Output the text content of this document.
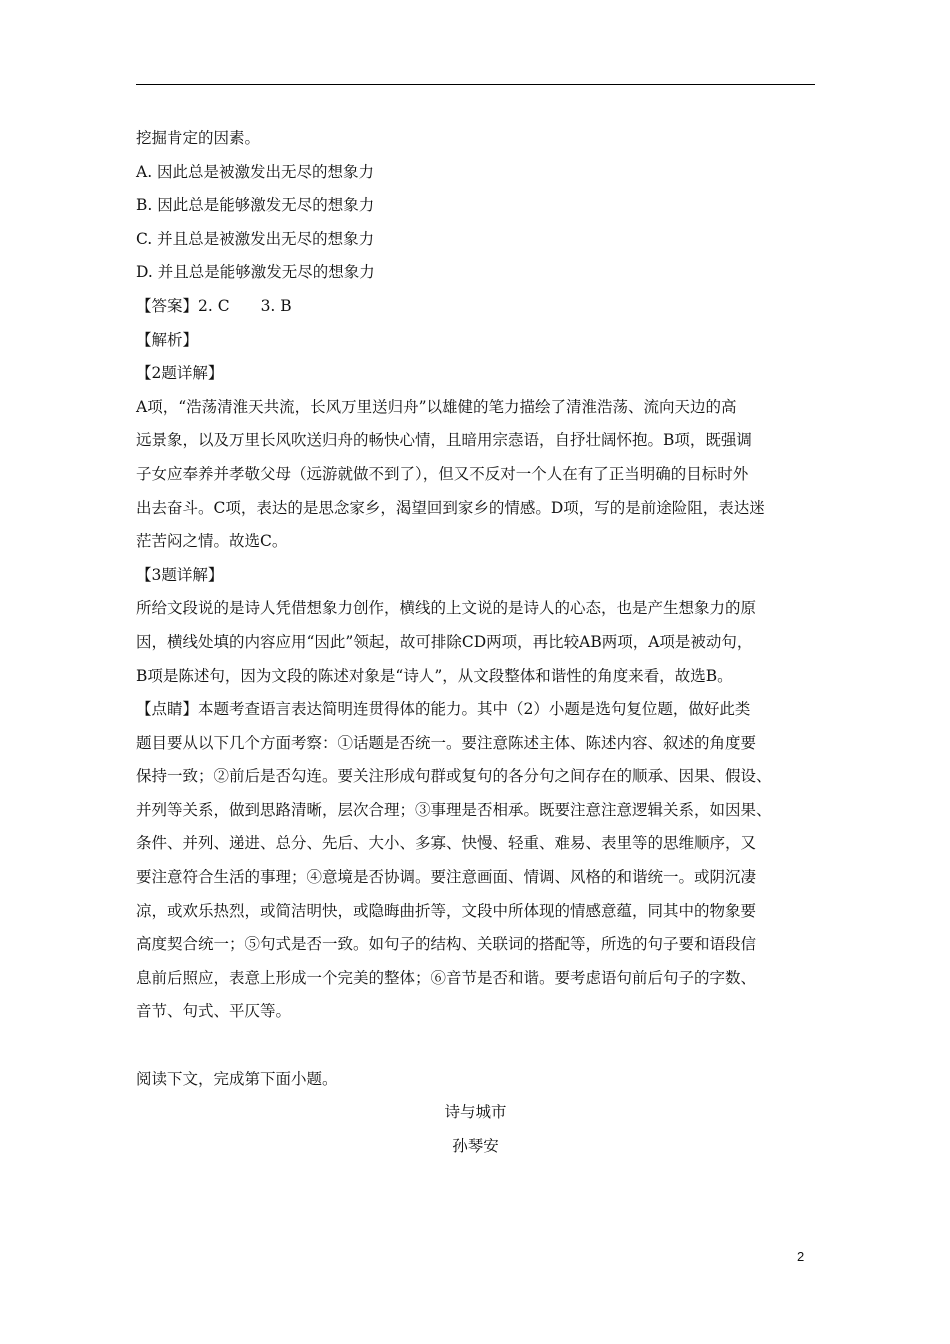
挖掘肯定的因素。
A. 因此总是被激发出无尽的想象力
B. 因此总是能够激发无尽的想象力
C. 并且总是被激发出无尽的想象力
D. 并且总是能够激发无尽的想象力
【答案】2. C　　3. B
【解析】
【2题详解】
A项，“浩荡清淮天共流，长风万里送归舟”以雄健的笔力描绘了清淮浩荡、流向天边的高
远景象，以及万里长风吹送归舟的畅快心情，且暗用宗悫语，自抒壮阔怀抱。B项，既强调
子女应奉养并孝敬父母（远游就做不到了），但又不反对一个人在有了正当明确的目标时外
出去奋斗。C项，表达的是思念家乡，渴望回到家乡的情感。D项，写的是前途险阻，表达迷
茫苦闷之情。故选C。
【3题详解】
所给文段说的是诗人凭借想象力创作，横线的上文说的是诗人的心态，也是产生想象力的原
因，横线处填的内容应用“因此”领起，故可排除CD两项，再比较AB两项，A项是被动句，
B项是陈述句，因为文段的陈述对象是“诗人”，从文段整体和谐性的角度来看，故选B。
【点睛】本题考查语言表达简明连贯得体的能力。其中（2）小题是选句复位题，做好此类
题目要从以下几个方面考察：①话题是否统一。要注意陈述主体、陈述内容、叙述的角度要
保持一致；②前后是否勾连。要关注形成句群或复句的各分句之间存在的顺承、因果、假设、
并列等关系，做到思路清晰，层次合理；③事理是否相承。既要注意注意逻辑关系，如因果、
条件、并列、递进、总分、先后、大小、多寡、快慢、轻重、难易、表里等的思维顺序，又
要注意符合生活的事理；④意境是否协调。要注意画面、情调、风格的和谐统一。或阴沉凄
凉，或欢乐热烈，或简洁明快，或隐晦曲折等，文段中所体现的情感意蕴，同其中的物象要
高度契合统一；⑤句式是否一致。如句子的结构、关联词的搭配等，所选的句子要和语段信
息前后照应，表意上形成一个完美的整体；⑥音节是否和谐。要考虑语句前后句子的字数、
音节、句式、平仄等。
阅读下文，完成第下面小题。
诗与城市
孙琴安
2
